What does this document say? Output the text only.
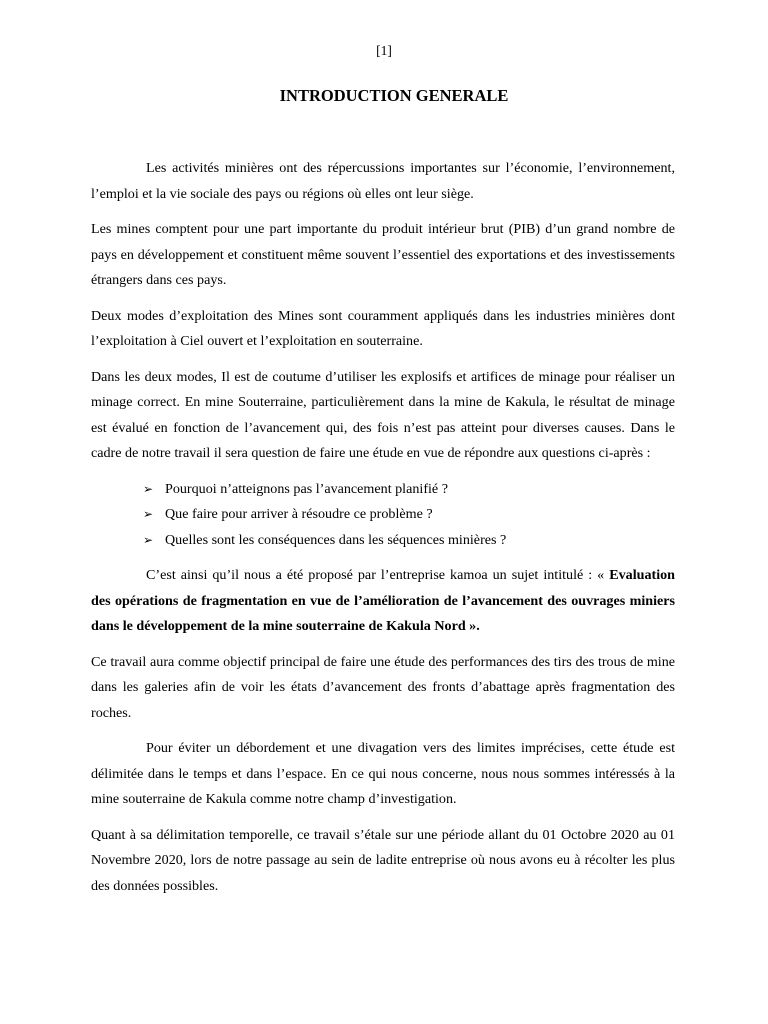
[1]
INTRODUCTION GENERALE

Les activités minières ont des répercussions importantes sur l’économie, l’environnement, l’emploi et la vie sociale des pays ou régions où elles ont leur siège.

Les mines comptent pour une part importante du produit intérieur brut (PIB) d’un grand nombre de pays en développement et constituent même souvent l’essentiel des exportations et des investissements étrangers dans ces pays.

Deux modes d’exploitation des Mines sont couramment appliqués dans les industries minières dont l’exploitation à Ciel ouvert et l’exploitation en souterraine.

Dans les deux modes, Il est de coutume d’utiliser les explosifs et artifices de minage pour réaliser un minage correct. En mine Souterraine, particulièrement dans la mine de Kakula, le résultat de minage est évalué en fonction de l’avancement qui, des fois n’est pas atteint pour diverses causes. Dans le cadre de notre travail il sera question de faire une étude en vue de répondre aux questions ci-après :

➢ Pourquoi n’atteignons pas l’avancement planifié ?
➢ Que faire pour arriver à résoudre ce problème ?
➢ Quelles sont les conséquences dans les séquences minières ?

C’est ainsi qu’il nous a été proposé par l’entreprise kamoa un sujet intitulé : « Evaluation des opérations de fragmentation en vue de l’amélioration de l’avancement des ouvrages miniers dans le développement de la mine souterraine de Kakula Nord ».

Ce travail aura comme objectif principal de faire une étude des performances des tirs des trous de mine dans les galeries afin de voir les états d’avancement des fronts d’abattage après fragmentation des roches.

Pour éviter un débordement et une divagation vers des limites imprécises, cette étude est délimitée dans le temps et dans l’espace. En ce qui nous concerne, nous nous sommes intéressés à la mine souterraine de Kakula comme notre champ d’investigation.

Quant à sa délimitation temporelle, ce travail s’étale sur une période allant du 01 Octobre 2020 au 01 Novembre 2020, lors de notre passage au sein de ladite entreprise où nous avons eu à récolter les plus des données possibles.
